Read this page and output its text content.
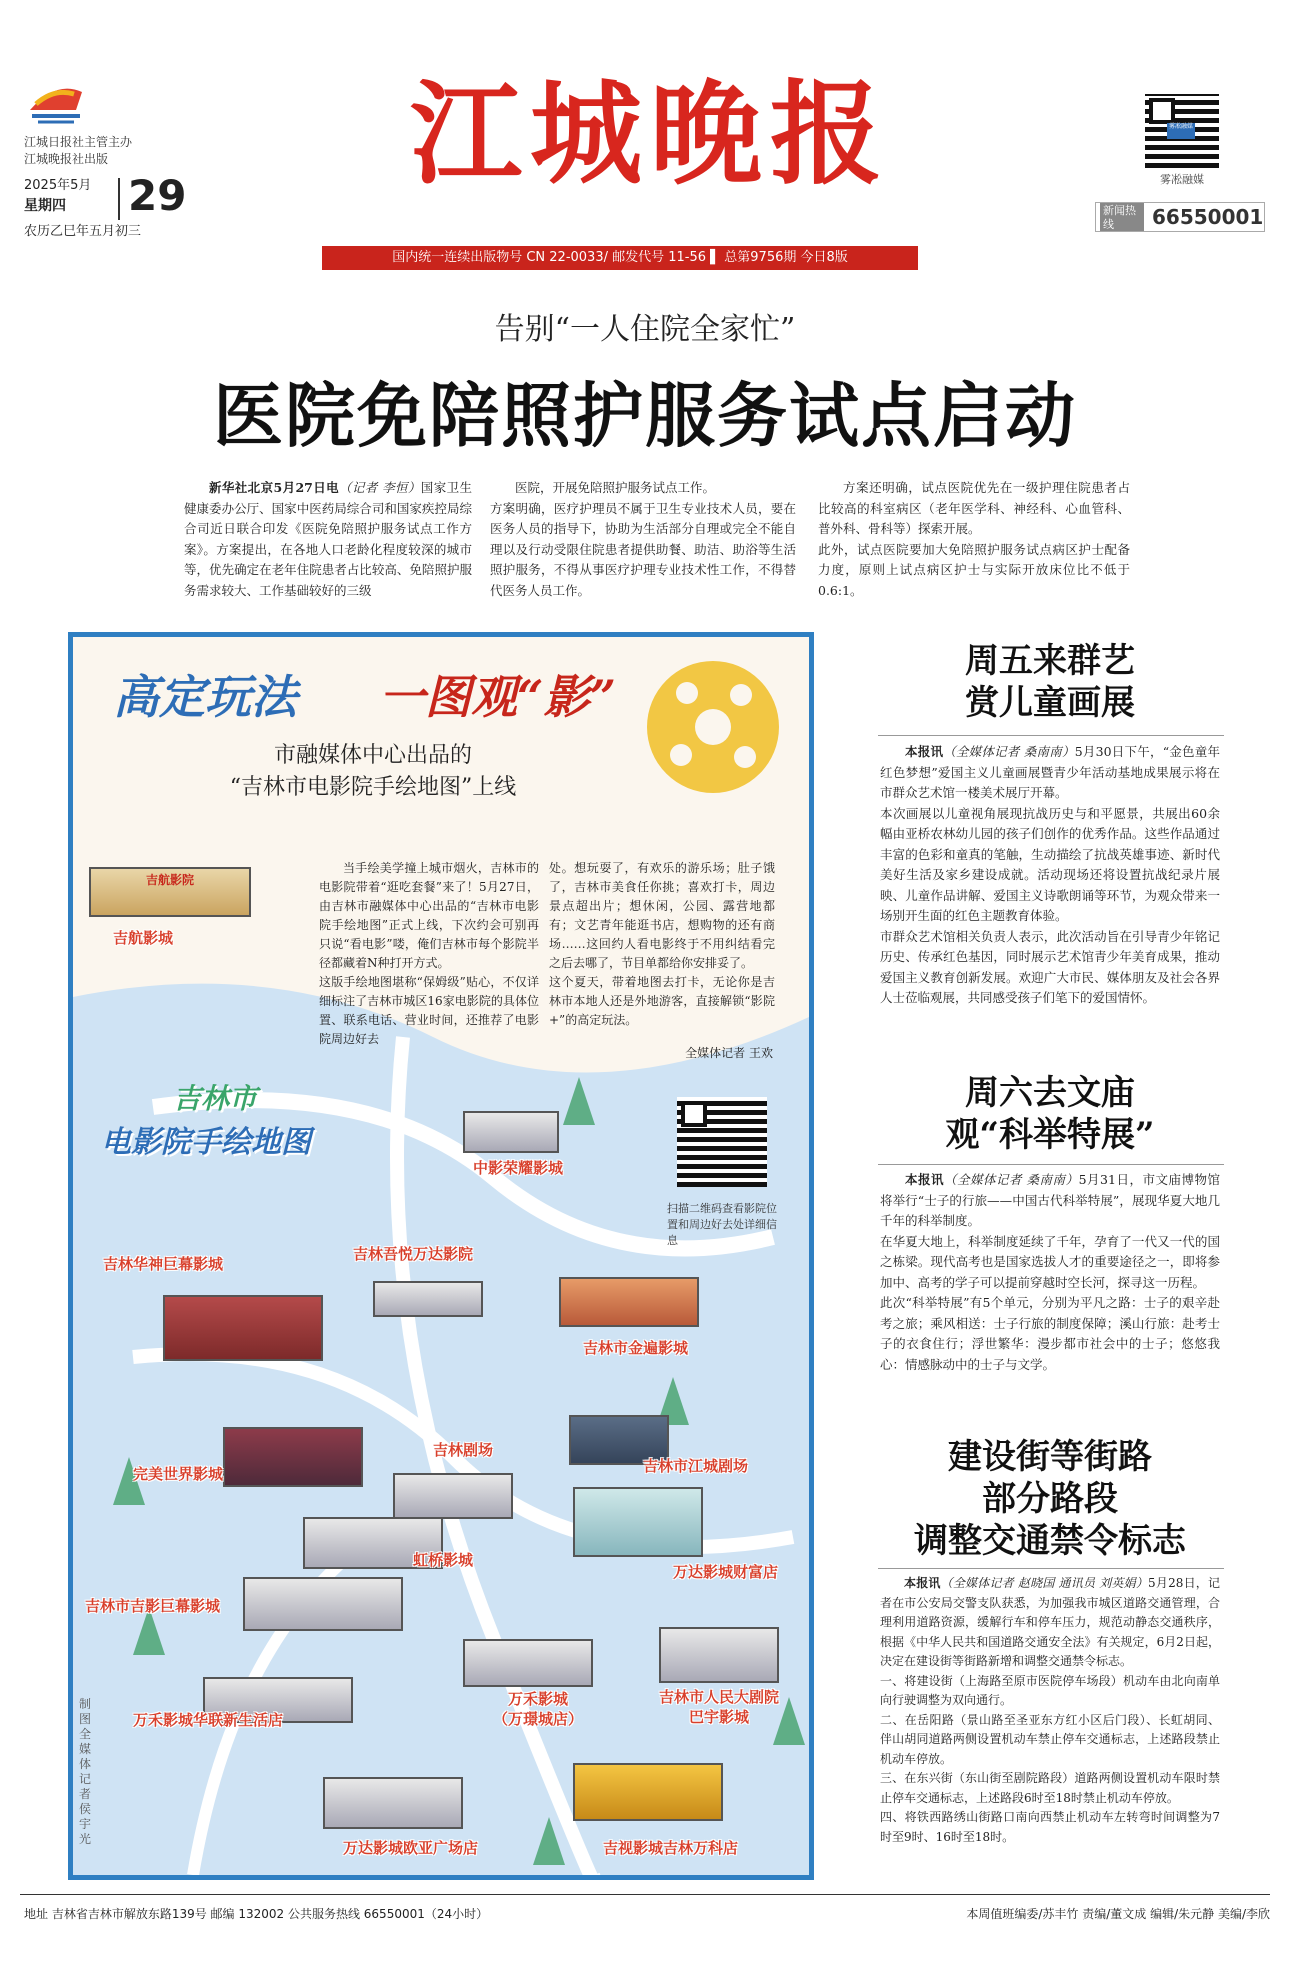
江城日报社主管主办
江城晚报社出版
2025年5月
星期四	29
农历乙巳年五月初三
江城晚报
国内统一连续出版物号 CN 22-0033/ 邮发代号 11-56 ▌ 总第9756期 今日8版
雾凇融媒
雾凇融媒
新闻热线	66550001
告别“一人住院全家忙”
医院免陪照护服务试点启动
新华社北京5月27日电（记者 李恒）国家卫生健康委办公厅、国家中医药局综合司和国家疾控局综合司近日联合印发《医院免陪照护服务试点工作方案》。方案提出，在各地人口老龄化程度较深的城市等，优先确定在老年住院患者占比较高、免陪照护服务需求较大、工作基础较好的三级
医院，开展免陪照护服务试点工作。
方案明确，医疗护理员不属于卫生专业技术人员，要在医务人员的指导下，协助为生活部分自理或完全不能自理以及行动受限住院患者提供助餐、助洁、助浴等生活照护服务，不得从事医疗护理专业技术性工作，不得替代医务人员工作。
方案还明确，试点医院优先在一级护理住院患者占比较高的科室病区（老年医学科、神经科、心血管科、普外科、骨科等）探索开展。
此外，试点医院要加大免陪照护服务试点病区护士配备力度，原则上试点病区护士与实际开放床位比不低于0.6:1。
高定玩法 一图观“影”
市融媒体中心出品的
“吉林市电影院手绘地图”上线
吉航影院
当手绘美学撞上城市烟火，吉林市的电影院带着“逛吃套餐”来了！5月27日，由吉林市融媒体中心出品的“吉林市电影院手绘地图”正式上线，下次约会可别再只说“看电影”喽，俺们吉林市每个影院半径都藏着N种打开方式。
这版手绘地图堪称“保姆级”贴心，不仅详细标注了吉林市城区16家电影院的具体位置、联系电话、营业时间，还推荐了电影院周边好去
处。想玩耍了，有欢乐的游乐场；肚子饿了，吉林市美食任你挑；喜欢打卡，周边景点超出片；想休闲，公园、露营地都有；文艺青年能逛书店，想购物的还有商场……这回约人看电影终于不用纠结看完之后去哪了，节目单都给你安排妥了。
这个夏天，带着地图去打卡，无论你是吉林市本地人还是外地游客，直接解锁“影院+”的高定玩法。
全媒体记者 王欢
吉林市
电影院手绘地图
扫描二维码查看影院位置和周边好去处详细信息
吉航影城
中影荣耀影城
吉林吾悦万达影院
吉林华神巨幕影城
吉林市金遍影城
吉林剧场
完美世界影城	吉林市江城剧场
虹桥影城
万达影城财富店
吉林市吉影巨幕影城
万禾影城
（万璟城店）
吉林市人民大剧院
巴宇影城
万禾影城华联新生活店
万达影城欧亚广场店	吉视影城吉林万科店
制图 全媒体记者 侯宇光
周五来群艺
赏儿童画展
本报讯（全媒体记者 桑南南）5月30日下午，“金色童年 红色梦想”爱国主义儿童画展暨青少年活动基地成果展示将在市群众艺术馆一楼美术展厅开幕。
本次画展以儿童视角展现抗战历史与和平愿景，共展出60余幅由亚桥农林幼儿园的孩子们创作的优秀作品。这些作品通过丰富的色彩和童真的笔触，生动描绘了抗战英雄事迹、新时代美好生活及家乡建设成就。活动现场还将设置抗战纪录片展映、儿童作品讲解、爱国主义诗歌朗诵等环节，为观众带来一场别开生面的红色主题教育体验。
市群众艺术馆相关负责人表示，此次活动旨在引导青少年铭记历史、传承红色基因，同时展示艺术馆青少年美育成果，推动爱国主义教育创新发展。欢迎广大市民、媒体朋友及社会各界人士莅临观展，共同感受孩子们笔下的爱国情怀。
周六去文庙
观“科举特展”
本报讯（全媒体记者 桑南南）5月31日，市文庙博物馆将举行“士子的行旅——中国古代科举特展”，展现华夏大地几千年的科举制度。
在华夏大地上，科举制度延续了千年，孕育了一代又一代的国之栋梁。现代高考也是国家选拔人才的重要途径之一，即将参加中、高考的学子可以提前穿越时空长河，探寻这一历程。
此次“科举特展”有5个单元，分别为平凡之路：士子的艰辛赴考之旅；乘风相送：士子行旅的制度保障；溪山行旅：赴考士子的衣食住行；浮世繁华：漫步都市社会中的士子；悠悠我心：情感脉动中的士子与文学。
建设街等街路
部分路段
调整交通禁令标志
本报讯（全媒体记者 赵晓国 通讯员 刘英娟）5月28日，记者在市公安局交警支队获悉，为加强我市城区道路交通管理，合理利用道路资源，缓解行车和停车压力，规范动静态交通秩序，根据《中华人民共和国道路交通安全法》有关规定，6月2日起，决定在建设街等街路新增和调整交通禁令标志。
一、将建设街（上海路至原市医院停车场段）机动车由北向南单向行驶调整为双向通行。
二、在岳阳路（景山路至圣亚东方红小区后门段）、长虹胡同、伴山胡同道路两侧设置机动车禁止停车交通标志，上述路段禁止机动车停放。
三、在东兴街（东山街至剧院路段）道路两侧设置机动车限时禁止停车交通标志，上述路段6时至18时禁止机动车停放。
四、将铁西路绣山街路口南向西禁止机动车左转弯时间调整为7时至9时、16时至18时。
地址 吉林省吉林市解放东路139号 邮编 132002 公共服务热线 66550001（24小时）	本周值班编委/苏丰竹 责编/董文成 编辑/朱元静 美编/李欣
